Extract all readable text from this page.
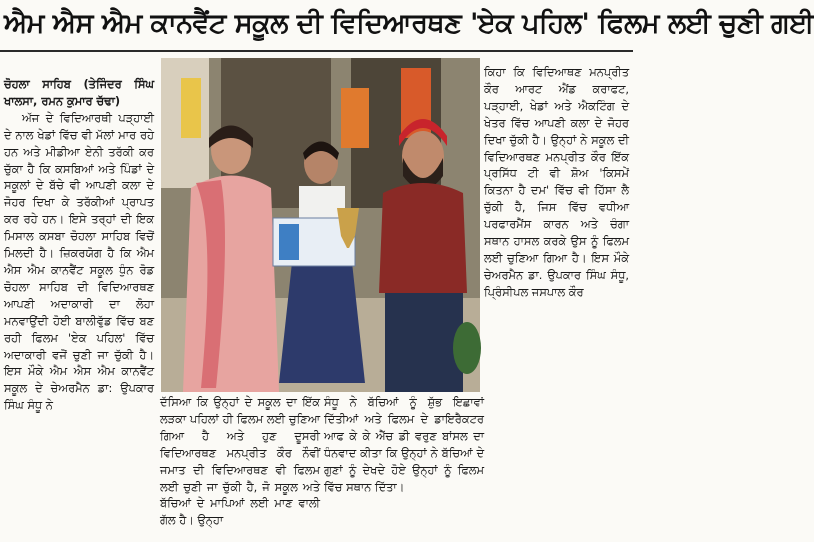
ਐਮ ਐਸ ਐਮ ਕਾਨਵੈਂਟ ਸਕੂਲ ਦੀ ਵਿਦਿਆਰਥਣ 'ਏਕ ਪਹਿਲ' ਫਿਲਮ ਲਈ ਚੁਣੀ ਗਈ

ਚੋਹਲਾ ਸਾਹਿਬ (ਤੇਜਿੰਦਰ ਸਿੰਘ ਖਾਲਸਾ, ਰਮਨ ਕੁਮਾਰ ਚੱਢਾ)

ਅੱਜ ਦੇ ਵਿਦਿਆਰਥੀ ਪੜ੍ਹਾਈ ਦੇ ਨਾਲ ਖੇਡਾਂ ਵਿੱਚ ਵੀ ਮੱਲਾਂ ਮਾਰ ਰਹੇ ਹਨ ਅਤੇ ਮੀਡੀਆ ਏਨੀ ਤਰੱਕੀ ਕਰ ਚੁੱਕਾ ਹੈ ਕਿ ਕਸਬਿਆਂ ਅਤੇ ਪਿੰਡਾਂ ਦੇ ਸਕੂਲਾਂ ਦੇ ਬੱਚੇ ਵੀ ਆਪਣੀ ਕਲਾ ਦੇ ਜੋਹਰ ਦਿਖਾ ਕੇ ਤਰੱਕੀਆਂ ਪ੍ਰਾਪਤ ਕਰ ਰਹੇ ਹਨ। ਇਸੇ ਤਰ੍ਹਾਂ ਦੀ ਇਕ ਮਿਸਾਲ ਕਸਬਾ ਚੋਹਲਾ ਸਾਹਿਬ ਵਿਚੋਂ ਮਿਲਦੀ ਹੈ। ਜ਼ਿਕਰਯੋਗ ਹੈ ਕਿ ਐਮ ਐਸ ਐਮ ਕਾਨਵੈਂਟ ਸਕੂਲ ਧੁੰਨ ਰੋਡ ਚੋਹਲਾ ਸਾਹਿਬ ਦੀ ਵਿਦਿਆਰਥਣ ਆਪਣੀ ਅਦਾਕਾਰੀ ਦਾ ਲੋਹਾ ਮਨਵਾਉਂਦੀ ਹੋਈ ਬਾਲੀਵੁੱਡ ਵਿੱਚ ਬਣ ਰਹੀ ਫਿਲਮ 'ਏਕ ਪਹਿਲ' ਵਿੱਚ ਅਦਾਕਾਰੀ ਵਜੋਂ ਚੁਣੀ ਜਾ ਚੁੱਕੀ ਹੈ। ਇਸ ਮੌਕੇ ਐਮ ਐਸ ਐਮ ਕਾਨਵੈਂਟ ਸਕੂਲ ਦੇ ਚੇਅਰਮੈਨ ਡਾ: ਉਪਕਾਰ ਸਿੰਘ ਸੰਧੂ ਨੇ	ਦੱਸਿਆ ਕਿ ਉਨ੍ਹਾਂ ਦੇ ਸਕੂਲ ਦਾ ਇੱਕ ਲੜਕਾ ਪਹਿਲਾਂ ਹੀ ਫਿਲਮ ਲਈ ਚੁਣਿਆ ਗਿਆ ਹੈ ਅਤੇ ਹੁਣ ਦੂਸਰੀ ਵਿਦਿਆਰਥਣ ਮਨਪ੍ਰੀਤ ਕੌਰ ਨੌਵੀਂ ਜਮਾਤ ਦੀ ਵਿਦਿਆਰਥਣ ਵੀ ਫਿਲਮ ਲਈ ਚੁਣੀ ਜਾ ਚੁੱਕੀ ਹੈ, ਜੋ ਸਕੂਲ ਅਤੇ ਬੱਚਿਆਂ ਦੇ ਮਾਪਿਆਂ ਲਈ ਮਾਣ ਵਾਲੀ ਗੱਲ ਹੈ। ਉਨ੍ਹਾ

ਸੰਧੂ ਨੇ ਬੱਚਿਆਂ ਨੂੰ ਸ਼ੁੱਭ ਇਛਾਵਾਂ ਦਿੱਤੀਆਂ ਅਤੇ ਫਿਲਮ ਦੇ ਡਾਇਰੈਕਟਰ ਆਫ ਕੇ ਕੇ ਐੱਚ ਡੀ ਵਰੁਣ ਬਾਂਸਲ ਦਾ ਧੰਨਵਾਦ ਕੀਤਾ ਕਿ ਉਨ੍ਹਾਂ ਨੇ ਬੱਚਿਆਂ ਦੇ ਗੁਣਾਂ ਨੂੰ ਦੇਖਦੇ ਹੋਏ ਉਨ੍ਹਾਂ ਨੂੰ ਫਿਲਮ ਵਿੱਚ ਸਥਾਨ ਦਿੱਤਾ।

ਕਿਹਾ ਕਿ ਵਿਦਿਆਥਣ ਮਨਪ੍ਰੀਤ ਕੌਰ ਆਰਟ ਐਂਡ ਕਰਾਫਟ, ਪੜ੍ਹਾਈ, ਖੇਡਾਂ ਅਤੇ ਐਕਟਿੰਗ ਦੇ ਖੇਤਰ ਵਿੱਚ ਆਪਣੀ ਕਲਾ ਦੇ ਜੋਹਰ ਦਿਖਾ ਚੁੱਕੀ ਹੈ। ਉਨ੍ਹਾਂ ਨੇ ਸਕੂਲ ਦੀ ਵਿਦਿਆਰਥਣ ਮਨਪ੍ਰੀਤ ਕੌਰ ਇੱਕ ਪ੍ਰਸਿੱਧ ਟੀ ਵੀ ਸ਼ੋਅ 'ਕਿਸਮੇਂ ਕਿਤਨਾ ਹੈ ਦਮ' ਵਿੱਚ ਵੀ ਹਿੱਸਾ ਲੈ ਚੁੱਕੀ ਹੈ, ਜਿਸ ਵਿੱਚ ਵਧੀਆ ਪਰਫਾਰਮੈਂਸ ਕਾਰਨ ਅਤੇ ਚੰਗਾ ਸਥਾਨ ਹਾਸਲ ਕਰਕੇ ਉਸ ਨੂੰ ਫਿਲਮ ਲਈ ਚੁਣਿਆ ਗਿਆ ਹੈ। ਇਸ ਮੌਕੇ ਚੇਅਰਮੈਨ ਡਾ. ਉਪਕਾਰ ਸਿੰਘ ਸੰਧੂ, ਪ੍ਰਿੰਸੀਪਲ ਜਸਪਾਲ ਕੌਰ
